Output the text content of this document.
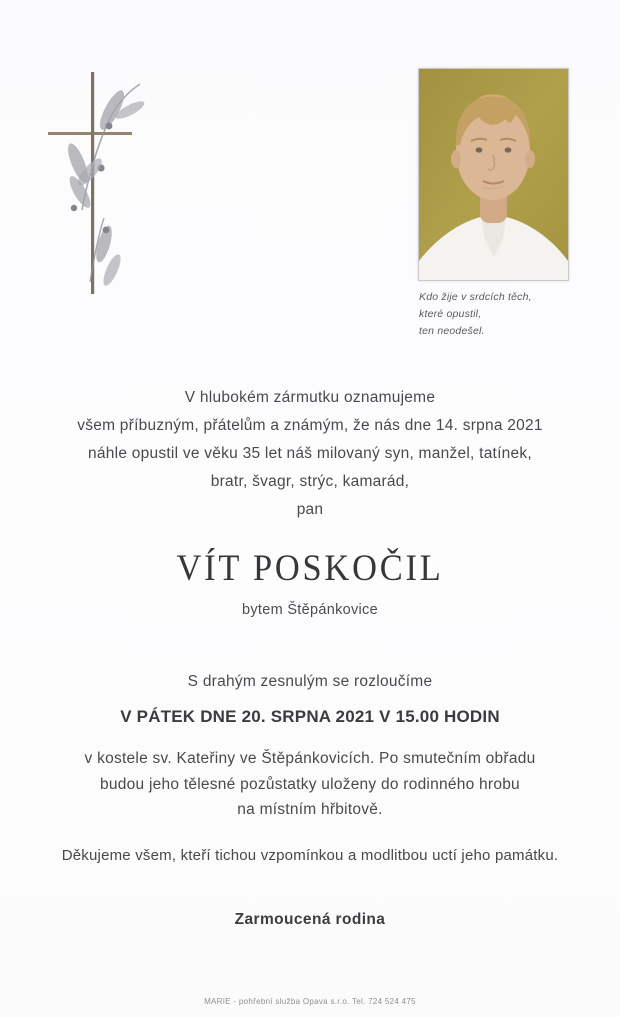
Kdo žije v srdcích těch,
které opustil,
ten neodešel.
V hlubokém zármutku oznamujeme
všem příbuzným, přátelům a známým, že nás dne 14. srpna 2021
náhle opustil ve věku 35 let náš milovaný syn, manžel, tatínek,
bratr, švagr, strýc, kamarád,
pan
VÍT POSKOČIL
bytem Štěpánkovice
S drahým zesnulým se rozloučíme
V PÁTEK DNE 20. SRPNA 2021 V 15.00 HODIN
v kostele sv. Kateřiny ve Štěpánkovicích. Po smutečním obřadu
budou jeho tělesné pozůstatky uloženy do rodinného hrobu
na místním hřbitově.
Děkujeme všem, kteří tichou vzpomínkou a modlitbou uctí jeho památku.
Zarmoucená rodina
MARIE - pohřební služba Opava s.r.o. Tel. 724 524 475
